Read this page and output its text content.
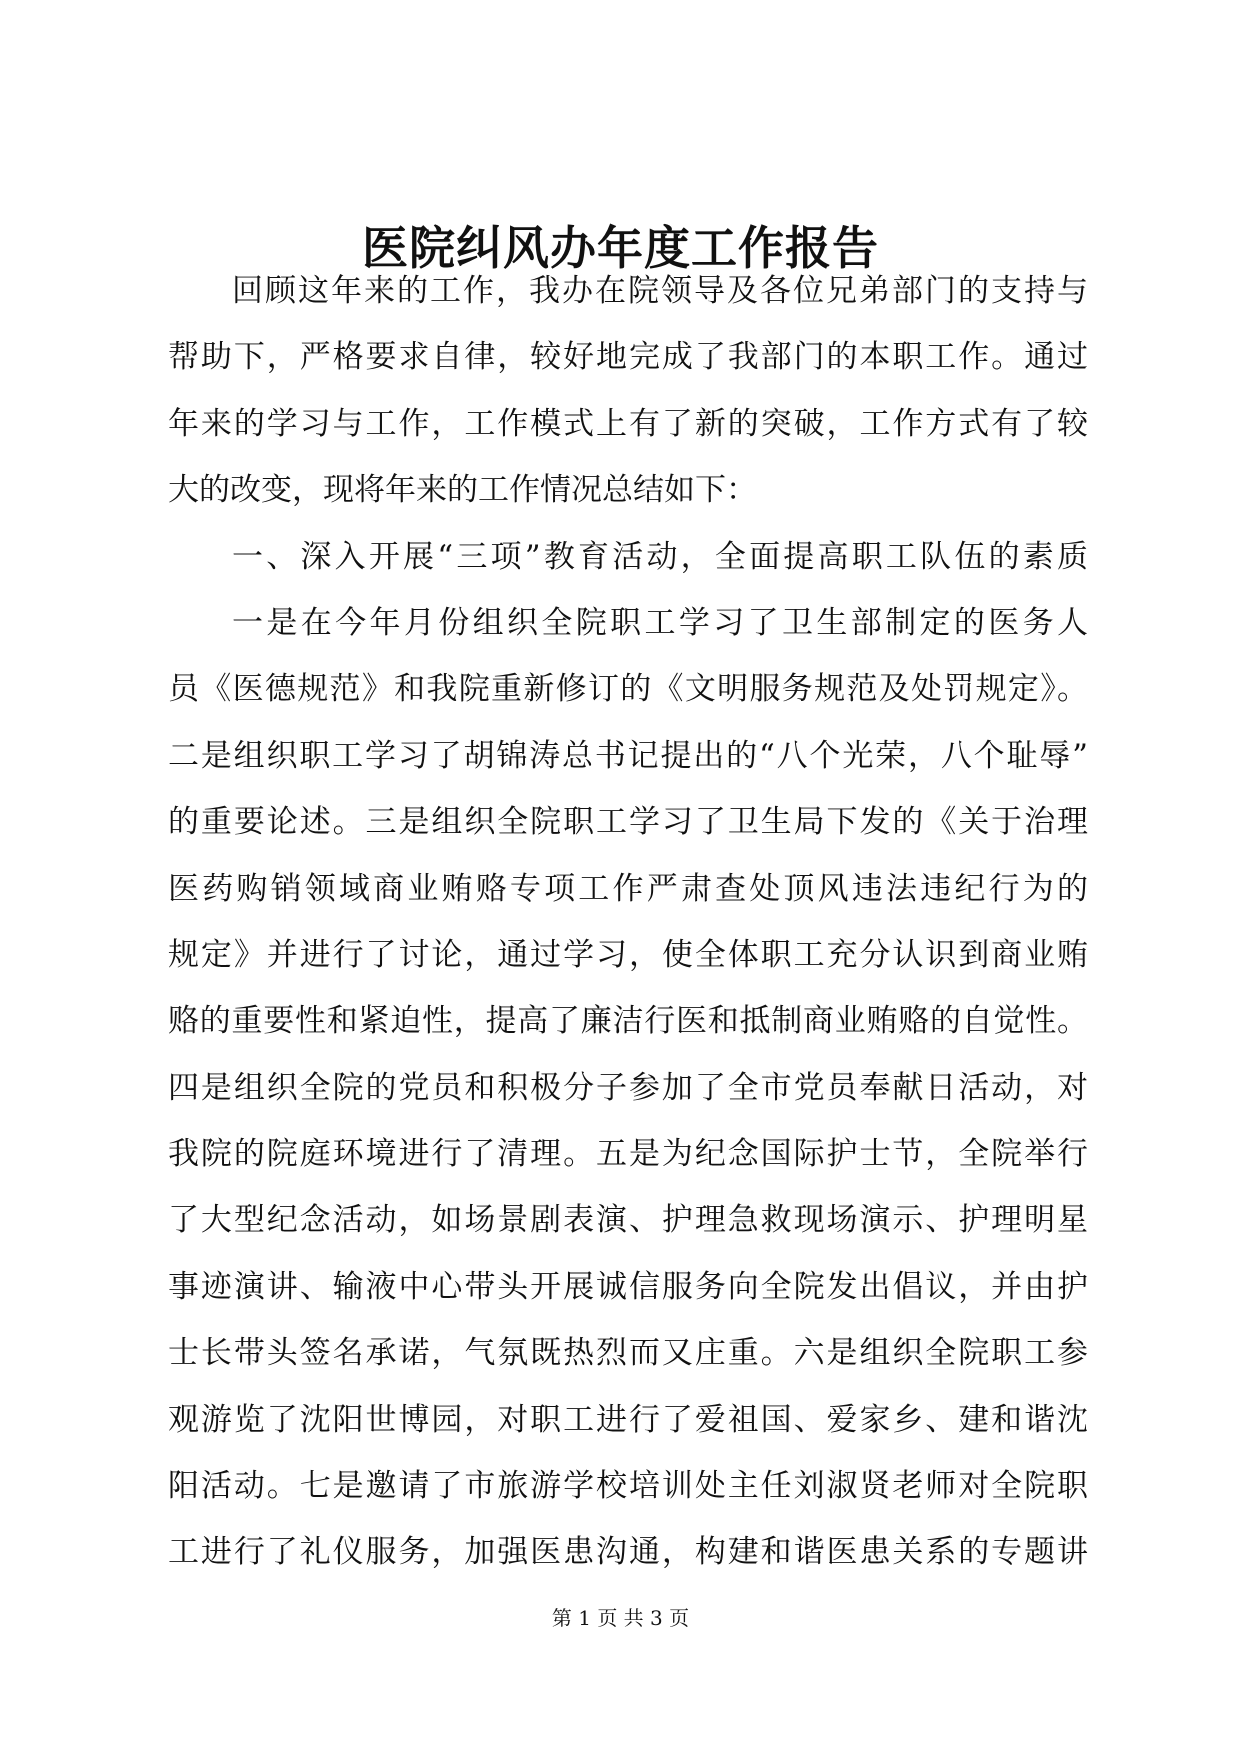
医院纠风办年度工作报告
回顾这年来的工作，我办在院领导及各位兄弟部门的支持与
帮助下，严格要求自律，较好地完成了我部门的本职工作。通过
年来的学习与工作，工作模式上有了新的突破，工作方式有了较
大的改变，现将年来的工作情况总结如下：
一、深入开展“三项”教育活动，全面提高职工队伍的素质
一是在今年月份组织全院职工学习了卫生部制定的医务人
员《医德规范》和我院重新修订的《文明服务规范及处罚规定》。
二是组织职工学习了胡锦涛总书记提出的“八个光荣，八个耻辱”
的重要论述。三是组织全院职工学习了卫生局下发的《关于治理
医药购销领域商业贿赂专项工作严肃查处顶风违法违纪行为的
规定》并进行了讨论，通过学习，使全体职工充分认识到商业贿
赂的重要性和紧迫性，提高了廉洁行医和抵制商业贿赂的自觉性。
四是组织全院的党员和积极分子参加了全市党员奉献日活动，对
我院的院庭环境进行了清理。五是为纪念国际护士节，全院举行
了大型纪念活动，如场景剧表演、护理急救现场演示、护理明星
事迹演讲、输液中心带头开展诚信服务向全院发出倡议，并由护
士长带头签名承诺，气氛既热烈而又庄重。六是组织全院职工参
观游览了沈阳世博园，对职工进行了爱祖国、爱家乡、建和谐沈
阳活动。七是邀请了市旅游学校培训处主任刘淑贤老师对全院职
工进行了礼仪服务，加强医患沟通，构建和谐医患关系的专题讲
第 1 页 共 3 页
